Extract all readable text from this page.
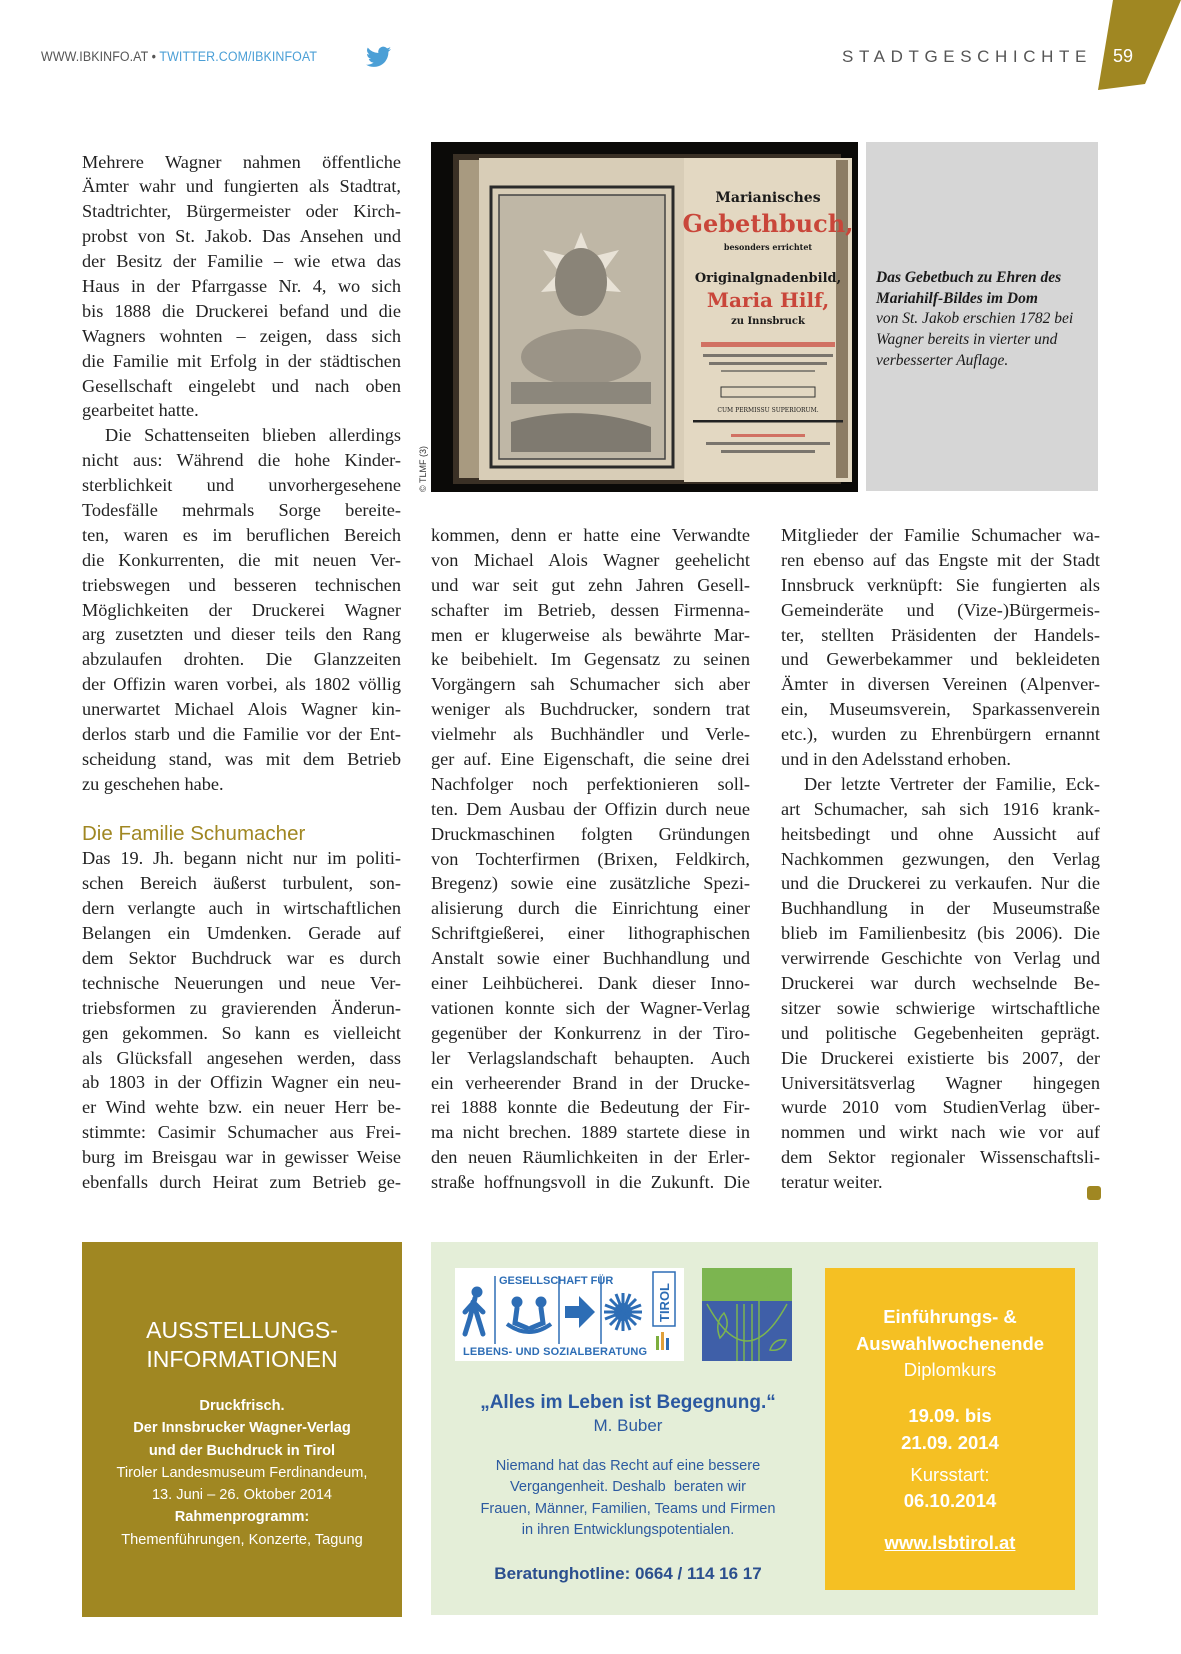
WWW.IBKINFO.AT • TWITTER.COM/IBKINFOAT	STADTGESCHICHTE 59
Mehrere Wagner nahmen öffentliche
Ämter wahr und fungierten als Stadtrat,
Stadtrichter, Bürgermeister oder Kirch-
probst von St. Jakob. Das Ansehen und
der Besitz der Familie – wie etwa das
Haus in der Pfarrgasse Nr. 4, wo sich
bis 1888 die Druckerei befand und die
Wagners wohnten – zeigen, dass sich
die Familie mit Erfolg in der städtischen
Gesellschaft eingelebt und nach oben
gearbeitet hatte.
Die Schattenseiten blieben allerdings
nicht aus: Während die hohe Kinder-
sterblichkeit und unvorhergesehene
Todesfälle mehrmals Sorge bereite-
ten, waren es im beruflichen Bereich
die Konkurrenten, die mit neuen Ver-
triebswegen und besseren technischen
Möglichkeiten der Druckerei Wagner
arg zusetzten und dieser teils den Rang
abzulaufen drohten. Die Glanzzeiten
der Offizin waren vorbei, als 1802 völlig
unerwartet Michael Alois Wagner kin-
derlos starb und die Familie vor der Ent-
scheidung stand, was mit dem Betrieb
zu geschehen habe.
Die Familie Schumacher
Das 19. Jh. begann nicht nur im politi-
schen Bereich äußerst turbulent, son-
dern verlangte auch in wirtschaftlichen
Belangen ein Umdenken. Gerade auf
dem Sektor Buchdruck war es durch
technische Neuerungen und neue Ver-
triebsformen zu gravierenden Änderun-
gen gekommen. So kann es vielleicht
als Glücksfall angesehen werden, dass
ab 1803 in der Offizin Wagner ein neu-
er Wind wehte bzw. ein neuer Herr be-
stimmte: Casimir Schumacher aus Frei-
burg im Breisgau war in gewisser Weise
ebenfalls durch Heirat zum Betrieb ge-
kommen, denn er hatte eine Verwandte
von Michael Alois Wagner geehelicht
und war seit gut zehn Jahren Gesell-
schafter im Betrieb, dessen Firmenna-
men er klugerweise als bewährte Mar-
ke beibehielt. Im Gegensatz zu seinen
Vorgängern sah Schumacher sich aber
weniger als Buchdrucker, sondern trat
vielmehr als Buchhändler und Verle-
ger auf. Eine Eigenschaft, die seine drei
Nachfolger noch perfektionieren soll-
ten. Dem Ausbau der Offizin durch neue
Druckmaschinen folgten Gründungen
von Tochterfirmen (Brixen, Feldkirch,
Bregenz) sowie eine zusätzliche Spezi-
alisierung durch die Einrichtung einer
Schriftgießerei, einer lithographischen
Anstalt sowie einer Buchhandlung und
einer Leihbücherei. Dank dieser Inno-
vationen konnte sich der Wagner-Verlag
gegenüber der Konkurrenz in der Tiro-
ler Verlagslandschaft behaupten. Auch
ein verheerender Brand in der Drucke-
rei 1888 konnte die Bedeutung der Fir-
ma nicht brechen. 1889 startete diese in
den neuen Räumlichkeiten in der Erler-
straße hoffnungsvoll in die Zukunft. Die
Mitglieder der Familie Schumacher wa-
ren ebenso auf das Engste mit der Stadt
Innsbruck verknüpft: Sie fungierten als
Gemeinderäte und (Vize-)Bürgermeis-
ter, stellten Präsidenten der Handels-
und Gewerbekammer und bekleideten
Ämter in diversen Vereinen (Alpenver-
ein, Museumsverein, Sparkassenverein
etc.), wurden zu Ehrenbürgern ernannt
und in den Adelsstand erhoben.
Der letzte Vertreter der Familie, Eck-
art Schumacher, sah sich 1916 krank-
heitsbedingt und ohne Aussicht auf
Nachkommen gezwungen, den Verlag
und die Druckerei zu verkaufen. Nur die
Buchhandlung in der Museumstraße
blieb im Familienbesitz (bis 2006). Die
verwirrende Geschichte von Verlag und
Druckerei war durch wechselnde Be-
sitzer sowie schwierige wirtschaftliche
und politische Gegebenheiten geprägt.
Die Druckerei existierte bis 2007, der
Universitätsverlag Wagner hingegen
wurde 2010 vom StudienVerlag über-
nommen und wirkt nach wie vor auf
dem Sektor regionaler Wissenschaftsli-
teratur weiter.
Marianisches
Gebethbuch,
besonders errichtet
Originalgnadenbild,
Maria Hilf,
zu Innsbruck
CUM PERMISSU SUPERIORUM.
© TLMF (3)
Das Gebetbuch zu Ehren des
Mariahilf-Bildes im Dom
von St. Jakob erschien 1782 bei
Wagner bereits in vierter und
verbesserter Auflage.
AUSSTELLUNGS-
INFORMATIONEN
Druckfrisch.
Der Innsbrucker Wagner-Verlag
und der Buchdruck in Tirol
Tiroler Landesmuseum Ferdinandeum,
13. Juni – 26. Oktober 2014
Rahmenprogramm:
Themenführungen, Konzerte, Tagung
GESELLSCHAFT FÜR
LEBENS- UND SOZIALBERATUNG
TIROL
„Alles im Leben ist Begegnung.“
M. Buber
Niemand hat das Recht auf eine bessere
Vergangenheit. Deshalb  beraten wir
Frauen, Männer, Familien, Teams und Firmen
in ihren Entwicklungspotentialen.
Beratunghotline: 0664 / 114 16 17
Einführungs- &
Auswahlwochenende
Diplomkurs
19.09. bis
21.09. 2014
Kursstart:
06.10.2014
www.lsbtirol.at
